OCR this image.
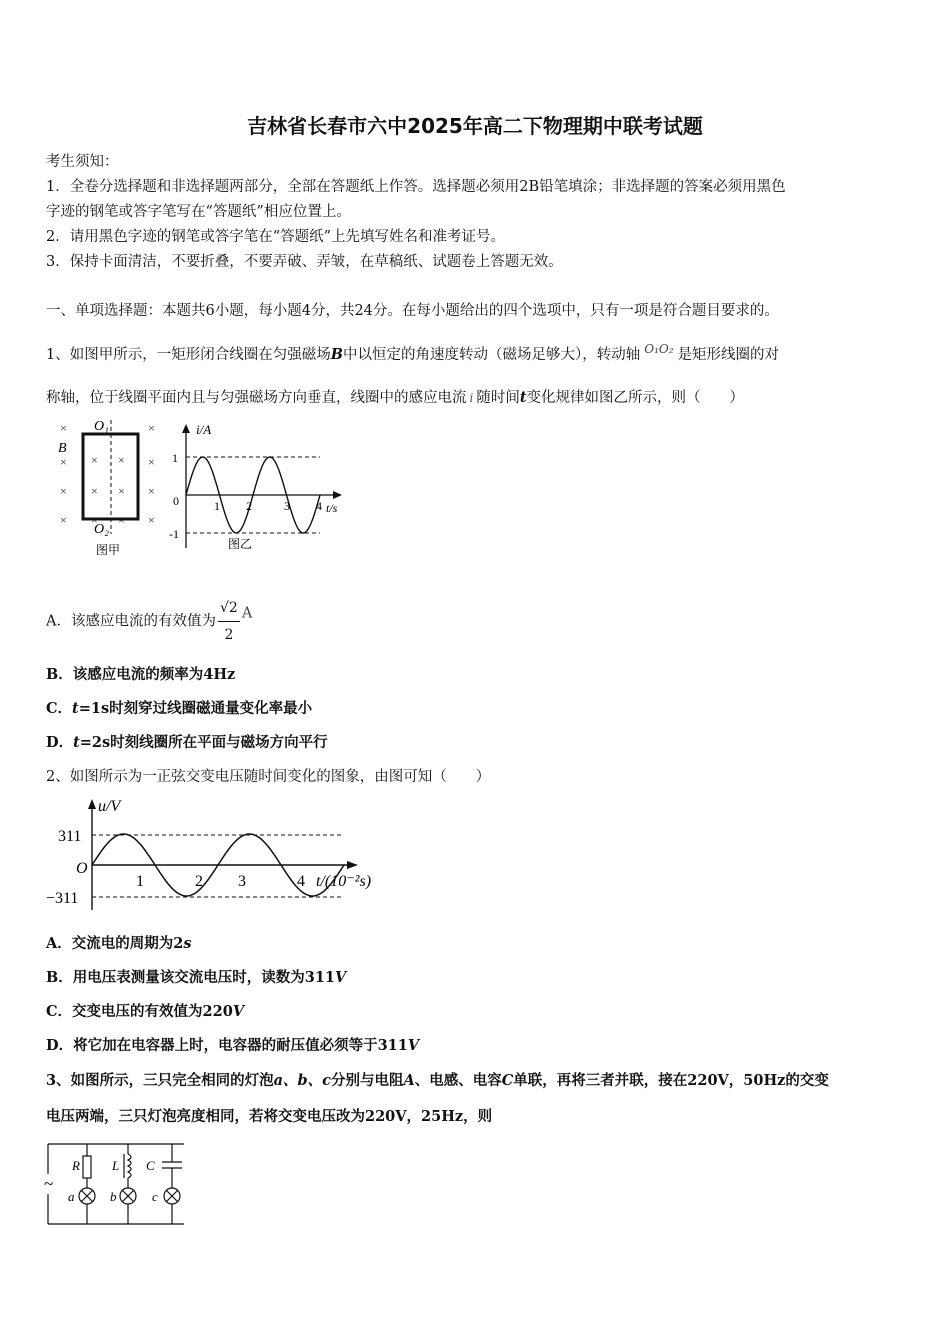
吉林省长春市六中2025年高二下物理期中联考试题
考生须知：
1．全卷分选择题和非选择题两部分，全部在答题纸上作答。选择题必须用2B铅笔填涂；非选择题的答案必须用黑色
字迹的钢笔或答字笔写在“答题纸”相应位置上。
2．请用黑色字迹的钢笔或答字笔在“答题纸”上先填写姓名和准考证号。
3．保持卡面清洁，不要折叠，不要弄破、弄皱，在草稿纸、试题卷上答题无效。
一、单项选择题：本题共6小题，每小题4分，共24分。在每小题给出的四个选项中，只有一项是符合题目要求的。
1、如图甲所示，一矩形闭合线圈在匀强磁场B中以恒定的角速度转动（磁场足够大），转动轴 $^{O_1O_2}$ 是矩形线圈的对
称轴，位于线圈平面内且与匀强磁场方向垂直，线圈中的感应电流 i 随时间t变化规律如图乙所示，则（　　）
B
×	×
×	×
×	×
×	×
× ×
× ×
× ×
O₁
O₂
图甲
i/A
t/s
1
0
-1
1 2	3 4
图乙
A．该感应电流的有效值为 $\frac{√2}{2}$ A
B．该感应电流的频率为4Hz
C．t=1s时刻穿过线圈磁通量变化率最小
D．t=2s时刻线圈所在平面与磁场方向平行
2、如图所示为一正弦交变电压随时间变化的图象，由图可知（　　）
u/V
311
O
−311
1	2 3	4 t/(10⁻²s)
A．交流电的周期为2s
B．用电压表测量该交流电压时，读数为311V
C．交变电压的有效值为220V
D．将它加在电容器上时，电容器的耐压值必须等于311V
3、如图所示，三只完全相同的灯泡a、b、c分别与电阻A、电感、电容C单联，再将三者并联，接在220V，50Hz的交变
电压两端，三只灯泡亮度相同，若将交变电压改为220V，25Hz，则
~
R L C
a	b	c
